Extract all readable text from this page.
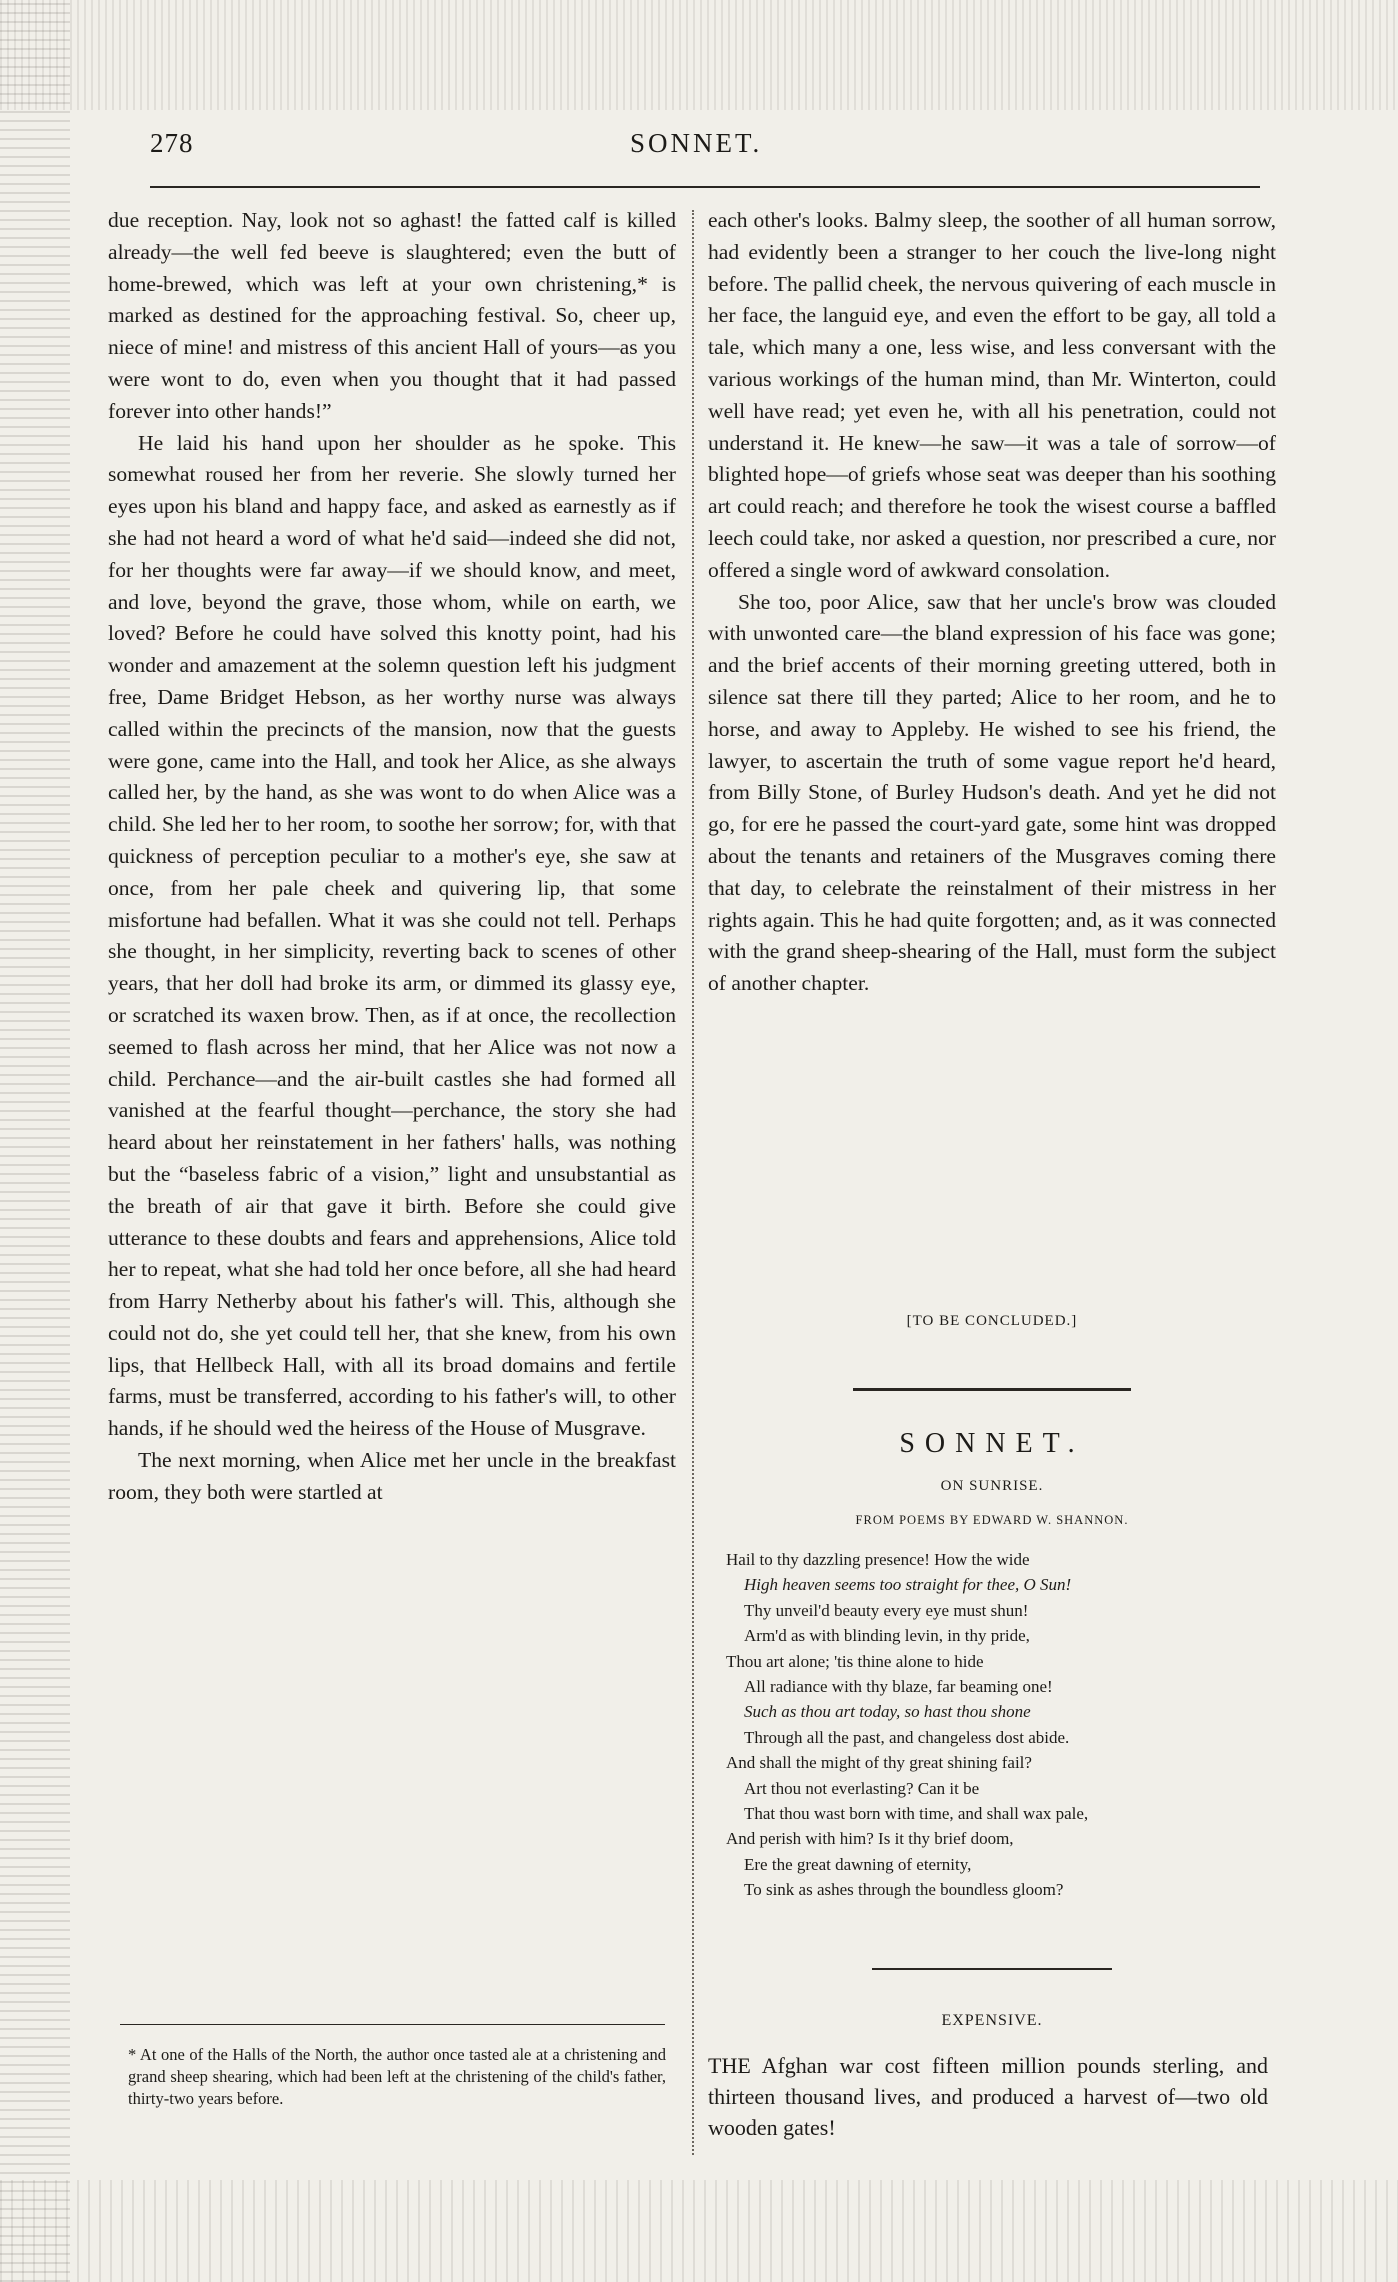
278	SONNET.

due reception. Nay, look not so aghast! the fatted calf is killed already—the well fed beeve is slaughtered; even the butt of home-brewed, which was left at your own christening,* is marked as destined for the approaching festival. So, cheer up, niece of mine! and mistress of this ancient Hall of yours—as you were wont to do, even when you thought that it had passed forever into other hands!”

He laid his hand upon her shoulder as he spoke. This somewhat roused her from her reverie. She slowly turned her eyes upon his bland and happy face, and asked as earnestly as if she had not heard a word of what he'd said—indeed she did not, for her thoughts were far away—if we should know, and meet, and love, beyond the grave, those whom, while on earth, we loved? Before he could have solved this knotty point, had his wonder and amazement at the solemn question left his judgment free, Dame Bridget Hebson, as her worthy nurse was always called within the precincts of the mansion, now that the guests were gone, came into the Hall, and took her Alice, as she always called her, by the hand, as she was wont to do when Alice was a child. She led her to her room, to soothe her sorrow; for, with that quickness of perception peculiar to a mother's eye, she saw at once, from her pale cheek and quivering lip, that some misfortune had befallen. What it was she could not tell. Perhaps she thought, in her simplicity, reverting back to scenes of other years, that her doll had broke its arm, or dimmed its glassy eye, or scratched its waxen brow. Then, as if at once, the recollection seemed to flash across her mind, that her Alice was not now a child. Perchance—and the air-built castles she had formed all vanished at the fearful thought—perchance, the story she had heard about her reinstatement in her fathers' halls, was nothing but the “baseless fabric of a vision,” light and unsubstantial as the breath of air that gave it birth. Before she could give utterance to these doubts and fears and apprehensions, Alice told her to repeat, what she had told her once before, all she had heard from Harry Netherby about his father's will. This, although she could not do, she yet could tell her, that she knew, from his own lips, that Hellbeck Hall, with all its broad domains and fertile farms, must be transferred, according to his father's will, to other hands, if he should wed the heiress of the House of Musgrave.

The next morning, when Alice met her uncle in the breakfast room, they both were startled at

* At one of the Halls of the North, the author once tasted ale at a christening and grand sheep shearing, which had been left at the christening of the child's father, thirty-two years before.

each other's looks. Balmy sleep, the soother of all human sorrow, had evidently been a stranger to her couch the live-long night before. The pallid cheek, the nervous quivering of each muscle in her face, the languid eye, and even the effort to be gay, all told a tale, which many a one, less wise, and less conversant with the various workings of the human mind, than Mr. Winterton, could well have read; yet even he, with all his penetration, could not understand it. He knew—he saw—it was a tale of sorrow—of blighted hope—of griefs whose seat was deeper than his soothing art could reach; and therefore he took the wisest course a baffled leech could take, nor asked a question, nor prescribed a cure, nor offered a single word of awkward consolation.

She too, poor Alice, saw that her uncle's brow was clouded with unwonted care—the bland expression of his face was gone; and the brief accents of their morning greeting uttered, both in silence sat there till they parted; Alice to her room, and he to horse, and away to Appleby. He wished to see his friend, the lawyer, to ascertain the truth of some vague report he'd heard, from Billy Stone, of Burley Hudson's death. And yet he did not go, for ere he passed the court-yard gate, some hint was dropped about the tenants and retainers of the Musgraves coming there that day, to celebrate the reinstalment of their mistress in her rights again. This he had quite forgotten; and, as it was connected with the grand sheep-shearing of the Hall, must form the subject of another chapter.

[TO BE CONCLUDED.]
SONNET.
ON SUNRISE.
FROM POEMS BY EDWARD W. SHANNON.
Hail to thy dazzling presence! How the wide
High heaven seems too straight for thee, O Sun!
Thy unveil'd beauty every eye must shun!
Arm'd as with blinding levin, in thy pride,
Thou art alone; 'tis thine alone to hide
All radiance with thy blaze, far beaming one!
Such as thou art today, so hast thou shone
Through all the past, and changeless dost abide.
And shall the might of thy great shining fail?
Art thou not everlasting? Can it be
That thou wast born with time, and shall wax pale,
And perish with him? Is it thy brief doom,
Ere the great dawning of eternity,
To sink as ashes through the boundless gloom?
EXPENSIVE.

THE Afghan war cost fifteen million pounds sterling, and thirteen thousand lives, and produced a harvest of—two old wooden gates!
